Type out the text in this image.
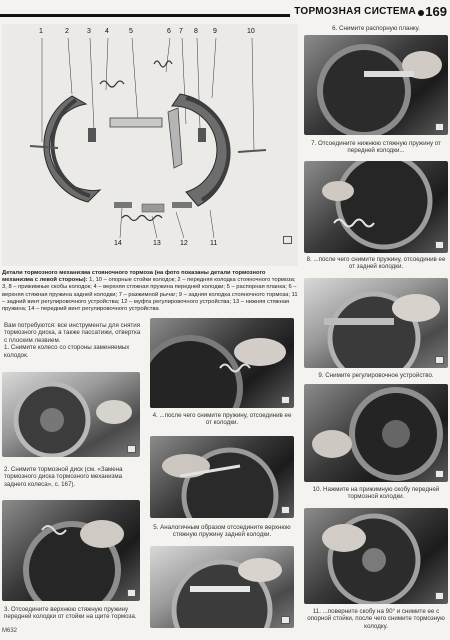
ТОРМОЗНАЯ СИСТЕМА 169
1	2	3 4	5	6 7 8 9	10
14	13	12	11
Детали тормозного механизма стояночного тормоза (на фото показаны детали тормозного механизма с левой стороны): 1, 10 – опорные стойки колодок; 2 – передняя колодка стояночного тормоза; 3, 8 – прижимные скобы колодок; 4 – верхняя стяжная пружина передней колодки; 5 – распорная планка; 6 – верхняя стяжная пружина задней колодки; 7 – разжимной рычаг; 9 – задняя колодка стояночного тормоза; 11 – задний винт регулировочного устройства; 12 – муфта регулировочного устройства; 13 – нижняя стяжная пружина; 14 – передний винт регулировочного устройства
Вам потребуются: все инструменты для снятия тормозного диска, а также пассатижи, отвертка с плоским лезвием.
1. Снимите колесо со стороны заменяемых колодок.
2. Снимите тормозной диск (см. «Замена тормозного диска тормозного механизма заднего колеса», с. 167).
3. Отсоедините верхнюю стяжную пружину передней колодки от стойки на щите тормоза.
4. ...после чего снимите пружину, отсоединив ее от колодки.
5. Аналогичным образом отсоедините верхнюю стяжную пружину задней колодки.
6. Снимите распорную планку.
7. Отсоедините нижнюю стяжную пружину от передней колодки...
8. ...после чего снимите пружину, отсоединив ее от задней колодки.
9. Снимите регулировочное устройство.
10. Нажмите на прижимную скобу передней тормозной колодки.
11. ...поверните скобу на 90° и снимите ее с опорной стойки, после чего снимите тормозную колодку.
M632
